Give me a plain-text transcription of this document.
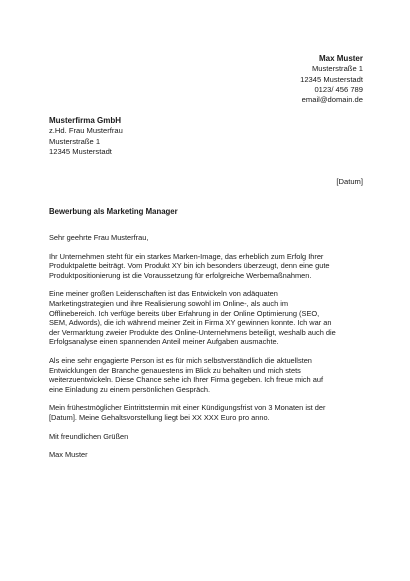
Max Muster
Musterstraße 1
12345 Musterstadt
0123/ 456 789
email@domain.de
Musterfirma GmbH
z.Hd. Frau Musterfrau
Musterstraße 1
12345 Musterstadt
[Datum]
Bewerbung als Marketing Manager

Sehr geehrte Frau Musterfrau,

Ihr Unternehmen steht für ein starkes Marken-Image, das erheblich zum Erfolg Ihrer
Produktpalette beiträgt. Vom Produkt XY bin ich besonders überzeugt, denn eine gute
Produktpositionierung ist die Voraussetzung für erfolgreiche Werbemaßnahmen.

Eine meiner großen Leidenschaften ist das Entwickeln von adäquaten
Marketingstrategien und ihre Realisierung sowohl im Online-, als auch im
Offlinebereich. Ich verfüge bereits über Erfahrung in der Online Optimierung (SEO,
SEM, Adwords), die ich während meiner Zeit in Firma XY gewinnen konnte. Ich war an
der Vermarktung zweier Produkte des Online-Unternehmens beteiligt, weshalb auch die
Erfolgsanalyse einen spannenden Anteil meiner Aufgaben ausmachte.

Als eine sehr engagierte Person ist es für mich selbstverständlich die aktuellsten
Entwicklungen der Branche genauestens im Blick zu behalten und mich stets
weiterzuentwickeln. Diese Chance sehe ich Ihrer Firma gegeben. Ich freue mich auf
eine Einladung zu einem persönlichen Gespräch.

Mein frühestmöglicher Eintrittstermin mit einer Kündigungsfrist von 3 Monaten ist der
[Datum]. Meine Gehaltsvorstellung liegt bei XX XXX Euro pro anno.

Mit freundlichen Grüßen

Max Muster
